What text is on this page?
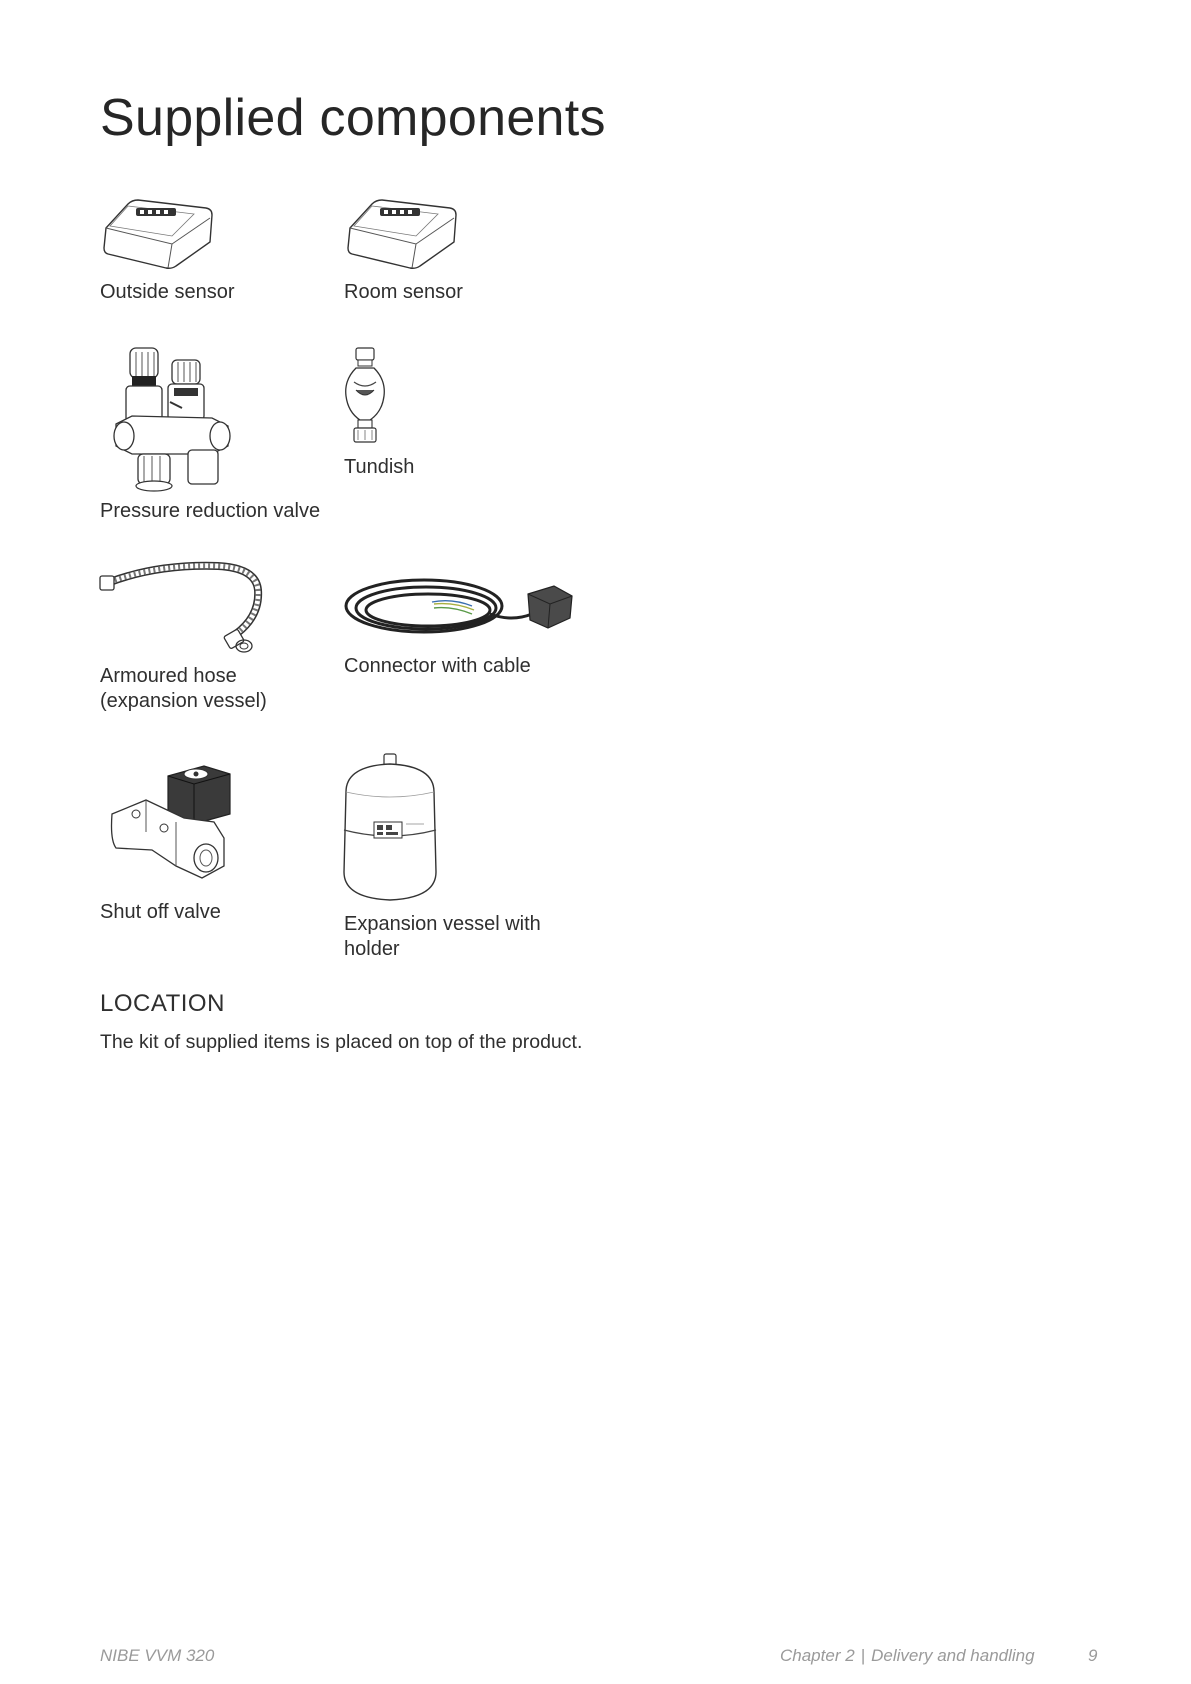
Supplied components
Outside sensor	Room sensor
Pressure reduction valve
Tundish
Armoured hose
(expansion vessel)
Connector with cable
Shut off valve
Expansion vessel with
holder
LOCATION
The kit of supplied items is placed on top of the product.
NIBE VVM 320	Chapter 2 | Delivery and handling	9
